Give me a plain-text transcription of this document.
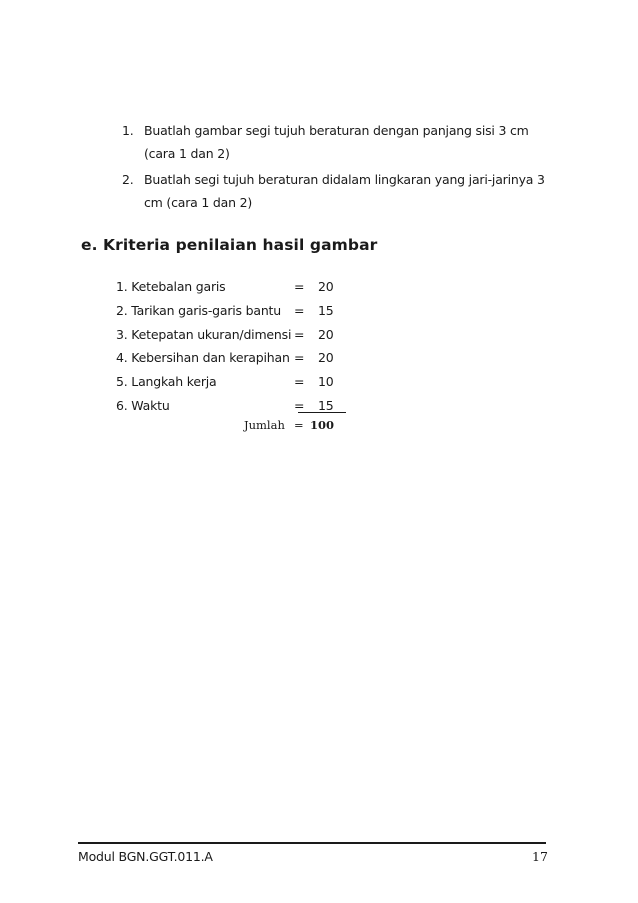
1. Buatlah gambar segi tujuh beraturan dengan panjang sisi 3 cm (cara 1 dan 2)
2. Buatlah segi tujuh beraturan didalam lingkaran yang jari-jarinya 3 cm (cara 1 dan 2)
e. Kriteria penilaian hasil gambar
1. Ketebalan garis	=	20
2. Tarikan garis-garis bantu	=	15
3. Ketepatan ukuran/dimensi =	20
4. Kebersihan dan kerapihan =	20
5. Langkah kerja	=	10
6. Waktu	=	15
Jumlah = 100
Modul BGN.GGT.011.A	17
